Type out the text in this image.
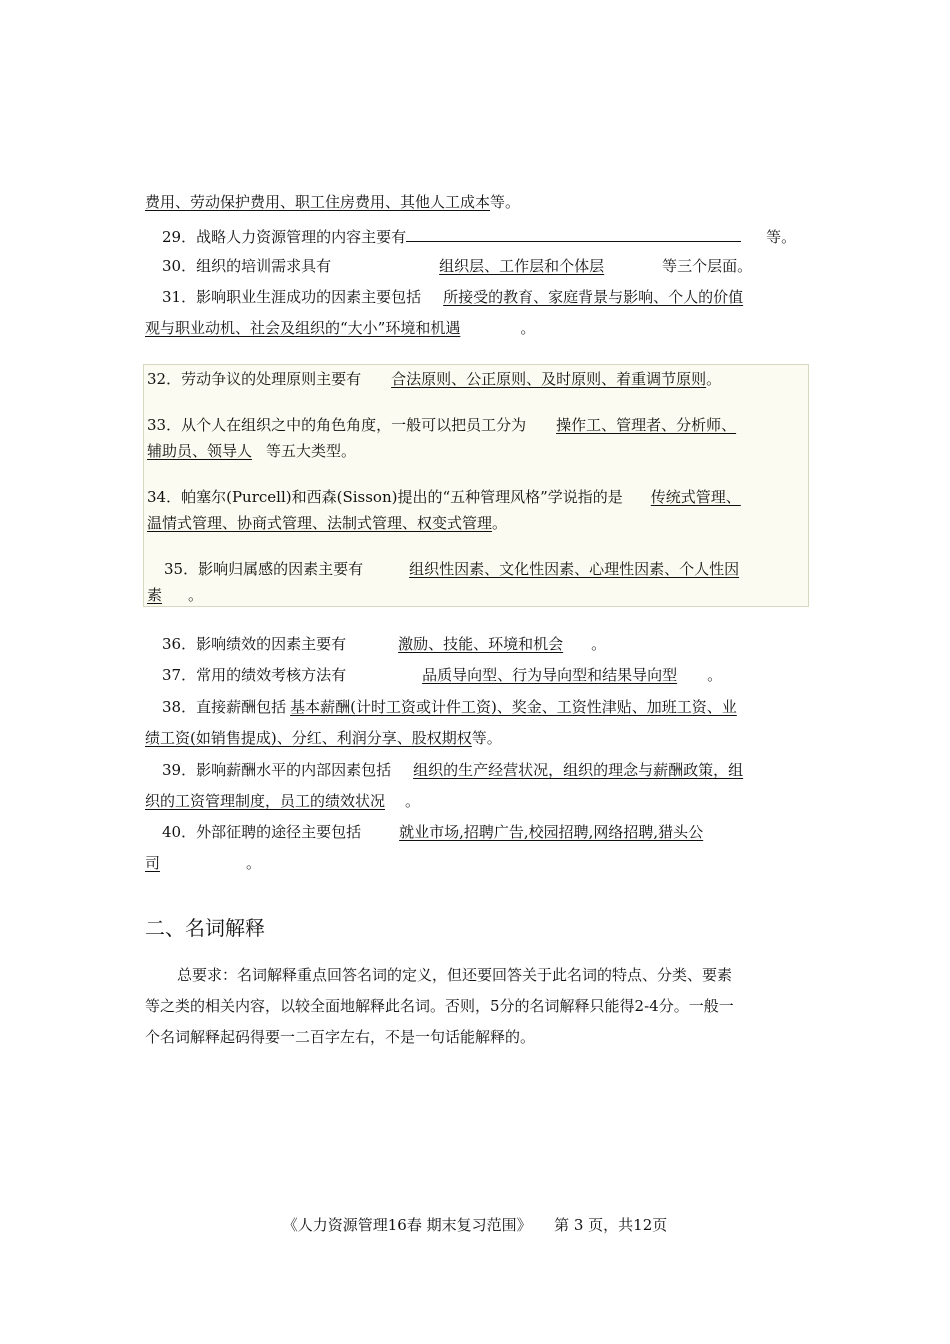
费用、劳动保护费用、职工住房费用、其他人工成本等。
29．战略人力资源管理的内容主要有	等。
30．组织的培训需求具有	组织层、工作层和个体层	等三个层面。
31．影响职业生涯成功的因素主要包括 所接受的教育、家庭背景与影响、个人的价值
观与职业动机、社会及组织的“大小”环境和机遇	。
32．劳动争议的处理原则主要有 合法原则、公正原则、及时原则、着重调节原则。
33．从个人在组织之中的角色角度，一般可以把员工分为 操作工、管理者、分析师、
辅助员、领导人 等五大类型。
34．帕塞尔(Purcell)和西森(Sisson)提出的“五种管理风格”学说指的是 传统式管理、
温情式管理、协商式管理、法制式管理、权变式管理。
35．影响归属感的因素主要有	组织性因素、文化性因素、心理性因素、个人性因
素 。
36．影响绩效的因素主要有	激励、技能、环境和机会 。
37．常用的绩效考核方法有	品质导向型、行为导向型和结果导向型 。
38．直接薪酬包括 基本薪酬(计时工资或计件工资)、奖金、工资性津贴、加班工资、业
绩工资(如销售提成)、分红、利润分享、股权期权等。
39．影响薪酬水平的内部因素包括 组织的生产经营状况，组织的理念与薪酬政策，组
织的工资管理制度，员工的绩效状况 。
40．外部征聘的途径主要包括	就业市场,招聘广告,校园招聘,网络招聘,猎头公
司	。
二、名词解释
总要求：名词解释重点回答名词的定义，但还要回答关于此名词的特点、分类、要素
等之类的相关内容，以较全面地解释此名词。否则，5分的名词解释只能得2-4分。一般一
个名词解释起码得要一二百字左右，不是一句话能解释的。
《人力资源管理16春 期末复习范围》　　第 3 页，共12页
